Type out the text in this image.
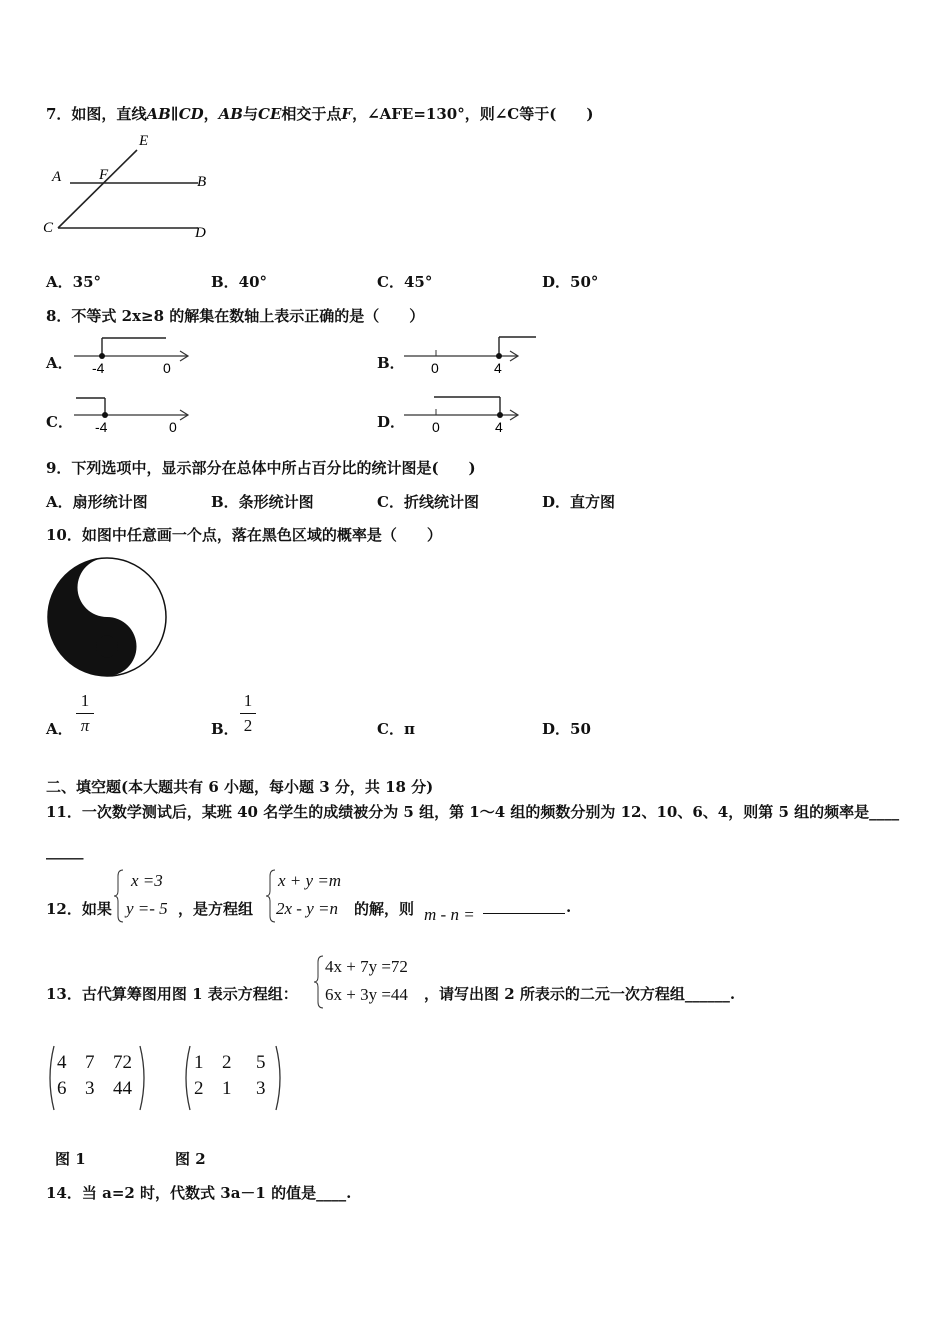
7．如图，直线AB∥CD，AB与CE相交于点F，∠AFE=130°，则∠C等于(　　)
A	B
C	D
E
F
A．35°	B．40°	C．45°	D．50°
8．不等式 2x≥8 的解集在数轴上表示正确的是（　　）
A． -4	0	B． 0	4
C． -4	0	D． 0	4
9．下列选项中，显示部分在总体中所占百分比的统计图是(　　)
A．扇形统计图	B．条形统计图	C．折线统计图	D．直方图
10．如图中任意画一个点，落在黑色区域的概率是（　　）
A．
1
π	B．
1
2	C．π	D．50
二、填空题(本大题共有 6 小题，每小题 3 分，共 18 分)
11．一次数学测试后，某班 40 名学生的成绩被分为 5 组，第 1～4 组的频数分别为 12、10、6、4，则第 5 组的频率是____
_____
12．如果
x =3
y =- 5 ，是方程组
x + y =m
2x - y =n 的解，则 m - n =	.
13．古代算筹图用图 1 表示方程组：
4x + 7y =72
6x + 3y =44 ，请写出图 2 所表示的二元一次方程组______.
4 7 72
6 3 44
1 2 5
2 1 3
图 1	图 2
14．当 a=2 时，代数式 3a－1 的值是____.
